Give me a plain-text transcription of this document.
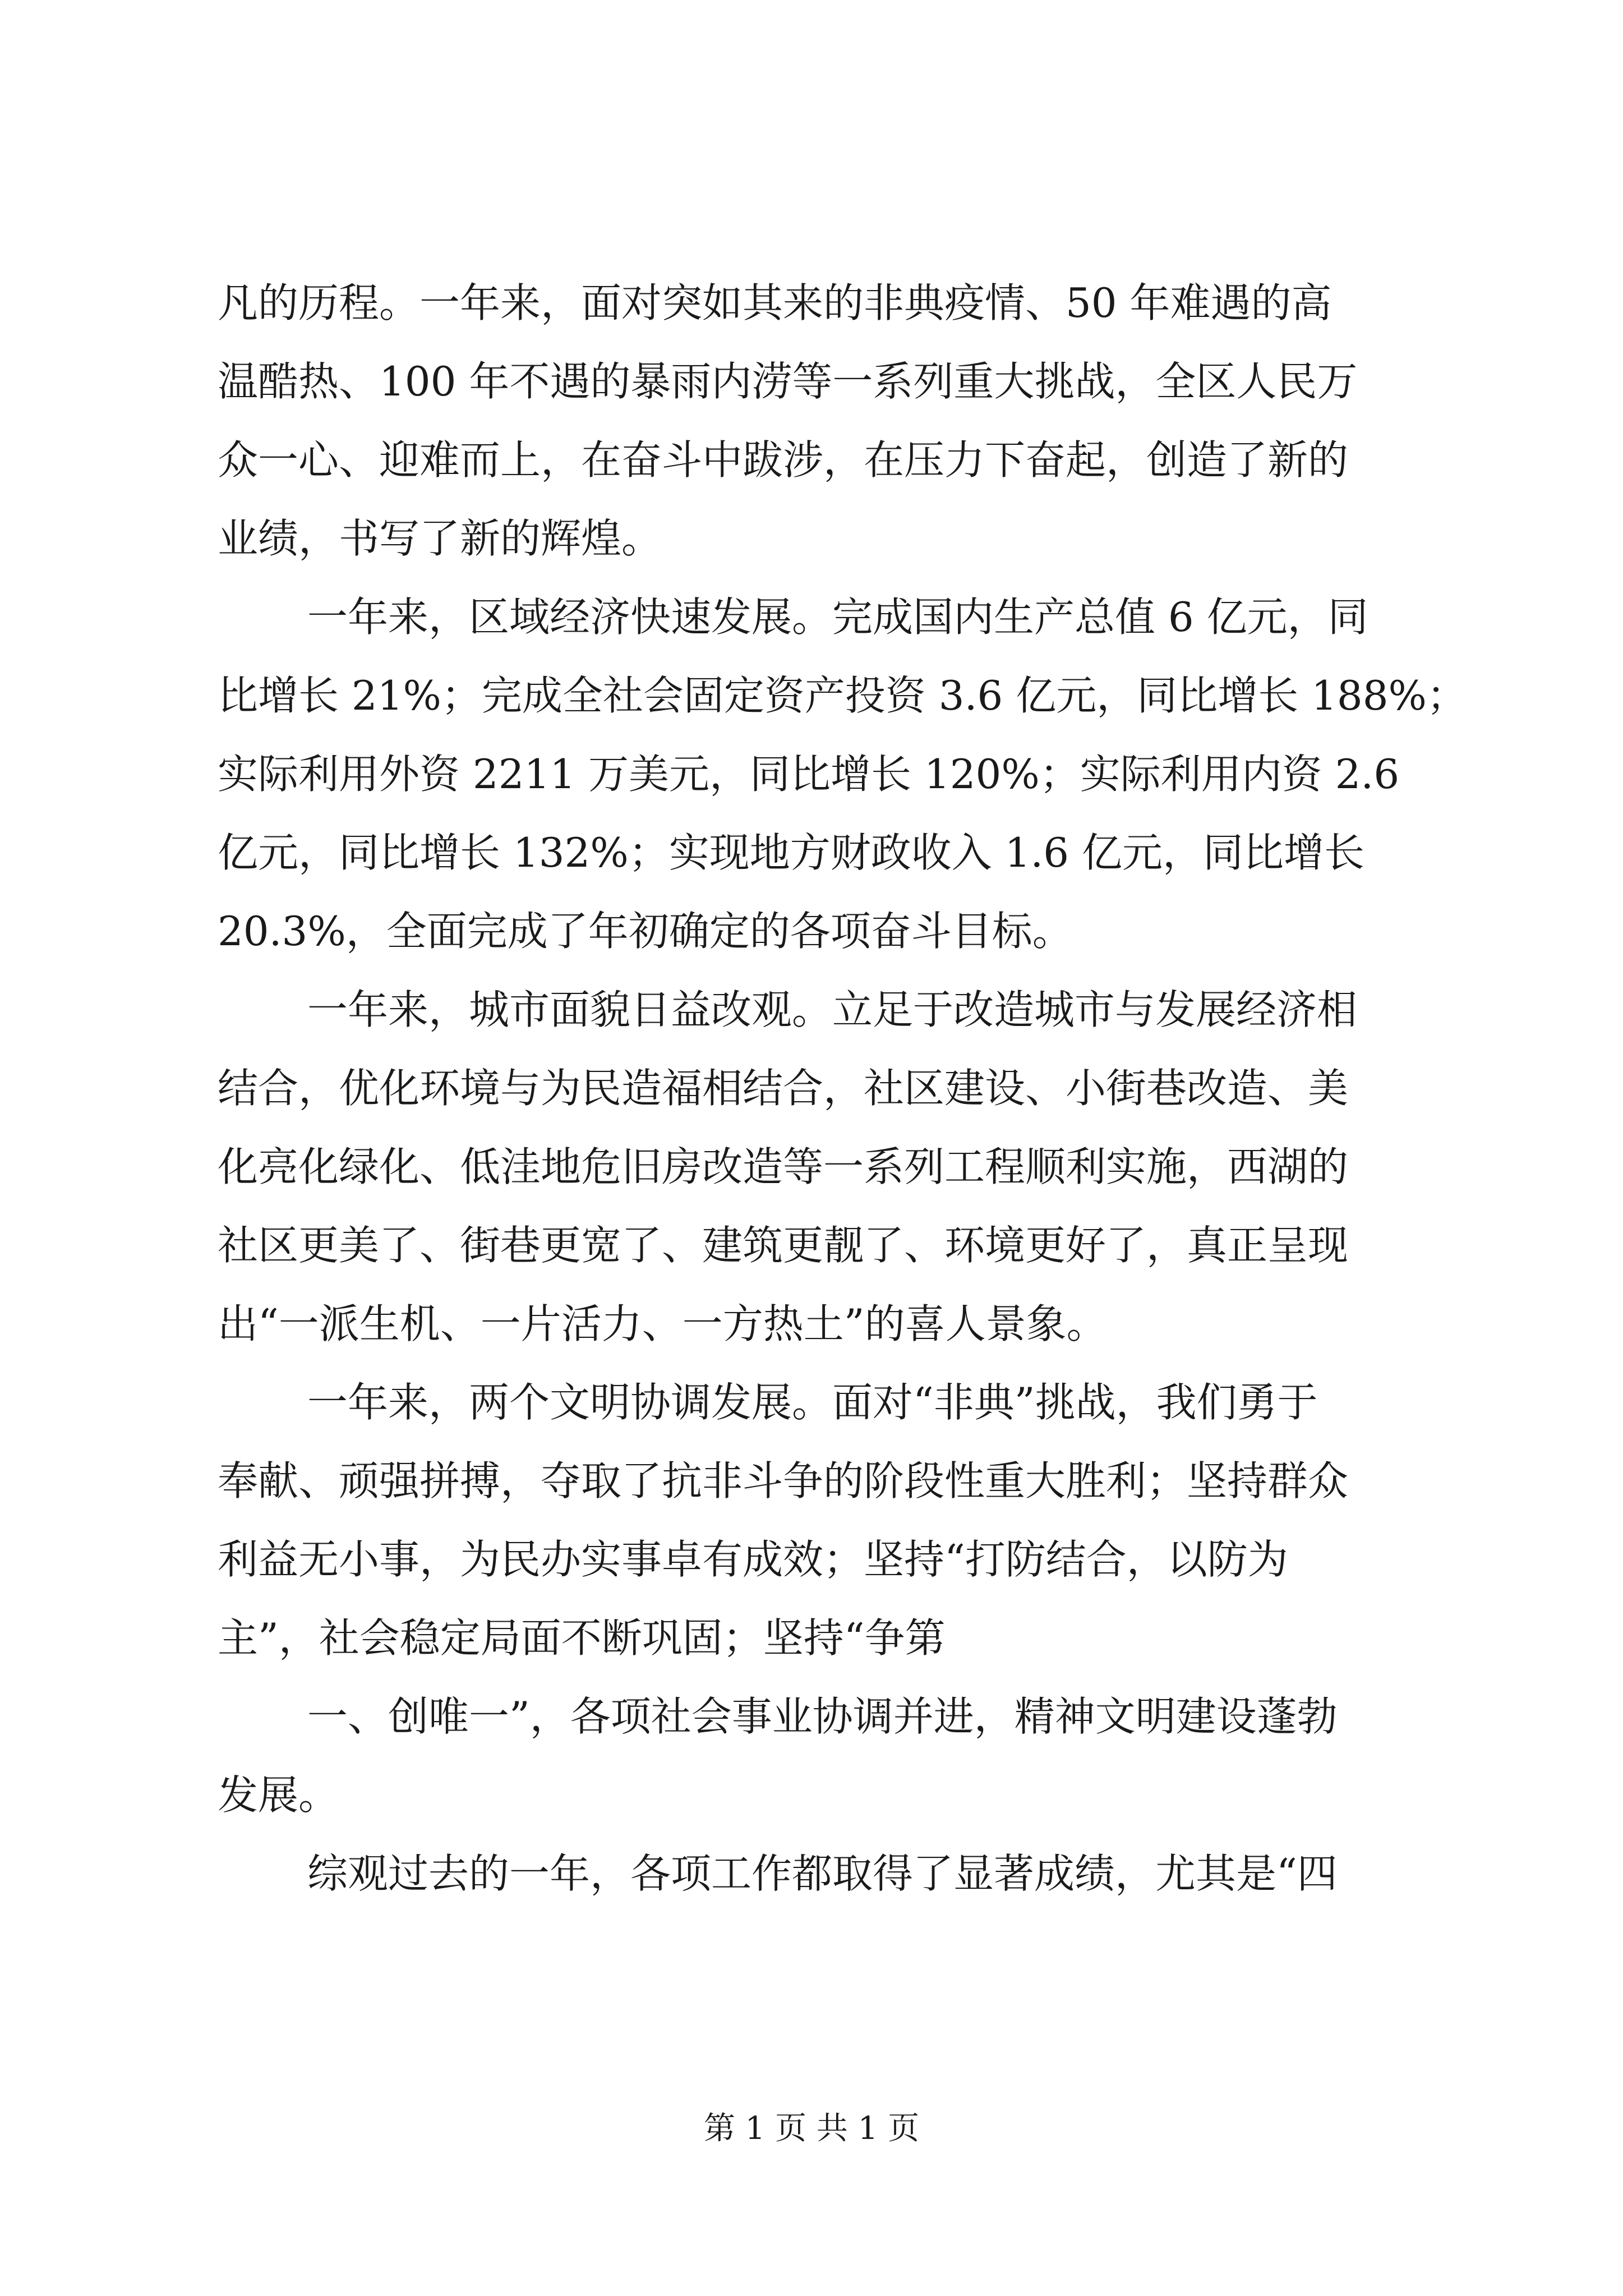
凡的历程。一年来，面对突如其来的非典疫情、50 年难遇的高
温酷热、100 年不遇的暴雨内涝等一系列重大挑战，全区人民万
众一心、迎难而上，在奋斗中跋涉，在压力下奋起，创造了新的
业绩，书写了新的辉煌。
一年来，区域经济快速发展。完成国内生产总值 6 亿元，同
比增长 21%；完成全社会固定资产投资 3.6 亿元，同比增长 188%；
实际利用外资 2211 万美元，同比增长 120%；实际利用内资 2.6
亿元，同比增长 132%；实现地方财政收入 1.6 亿元，同比增长
20.3%，全面完成了年初确定的各项奋斗目标。
一年来，城市面貌日益改观。立足于改造城市与发展经济相
结合，优化环境与为民造福相结合，社区建设、小街巷改造、美
化亮化绿化、低洼地危旧房改造等一系列工程顺利实施，西湖的
社区更美了、街巷更宽了、建筑更靓了、环境更好了，真正呈现
出“一派生机、一片活力、一方热土”的喜人景象。
一年来，两个文明协调发展。面对“非典”挑战，我们勇于
奉献、顽强拼搏，夺取了抗非斗争的阶段性重大胜利；坚持群众
利益无小事，为民办实事卓有成效；坚持“打防结合，以防为
主”，社会稳定局面不断巩固；坚持“争第
一、创唯一”，各项社会事业协调并进，精神文明建设蓬勃
发展。
综观过去的一年，各项工作都取得了显著成绩，尤其是“四
第 1 页 共 1 页
